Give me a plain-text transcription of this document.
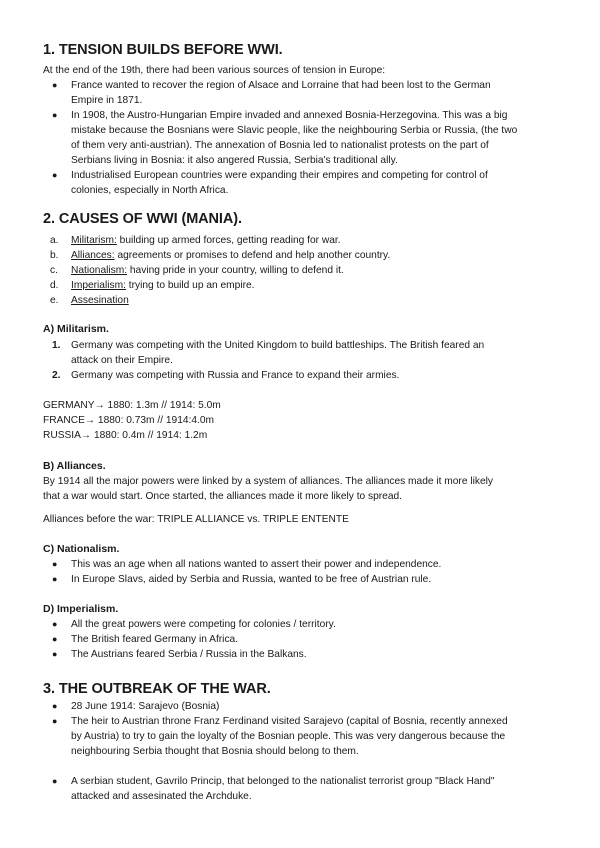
1. TENSION BUILDS BEFORE WWI.
At the end of the 19th, there had been various sources of tension in Europe:
● France wanted to recover the region of Alsace and Lorraine that had been lost to the German
Empire in 1871.
● In 1908, the Austro-Hungarian Empire invaded and annexed Bosnia-Herzegovina. This was a big
mistake because the Bosnians were Slavic people, like the neighbouring Serbia or Russia, (the two
of them very anti-austrian). The annexation of Bosnia led to nationalist protests on the part of
Serbians living in Bosnia: it also angered Russia, Serbia's traditional ally.
● Industrialised European countries were expanding their empires and competing for control of
colonies, especially in North Africa.
2. CAUSES OF WWI (MANIA).
a. Militarism: building up armed forces, getting reading for war.
b. Alliances: agreements or promises to defend and help another country.
c. Nationalism: having pride in your country, willing to defend it.
d. Imperialism: trying to build up an empire.
e. Assesination
A) Militarism.
1. Germany was competing with the United Kingdom to build battleships. The British feared an
attack on their Empire.
2. Germany was competing with Russia and France to expand their armies.
GERMANY→ 1880: 1.3m // 1914: 5.0m
FRANCE→ 1880: 0.73m // 1914:4.0m
RUSSIA→ 1880: 0.4m // 1914: 1.2m
B) Alliances.
By 1914 all the major powers were linked by a system of alliances. The alliances made it more likely
that a war would start. Once started, the alliances made it more likely to spread.
Alliances before the war: TRIPLE ALLIANCE vs. TRIPLE ENTENTE
C) Nationalism.
● This was an age when all nations wanted to assert their power and independence.
● In Europe Slavs, aided by Serbia and Russia, wanted to be free of Austrian rule.
D) Imperialism.
● All the great powers were competing for colonies / territory.
● The British feared Germany in Africa.
● The Austrians feared Serbia / Russia in the Balkans.
3. THE OUTBREAK OF THE WAR.
● 28 June 1914: Sarajevo (Bosnia)
● The heir to Austrian throne Franz Ferdinand visited Sarajevo (capital of Bosnia, recently annexed
by Austria) to try to gain the loyalty of the Bosnian people. This was very dangerous because the
neighbouring Serbia thought that Bosnia should belong to them.
● A serbian student, Gavrilo Princip, that belonged to the nationalist terrorist group "Black Hand"
attacked and assesinated the Archduke.
